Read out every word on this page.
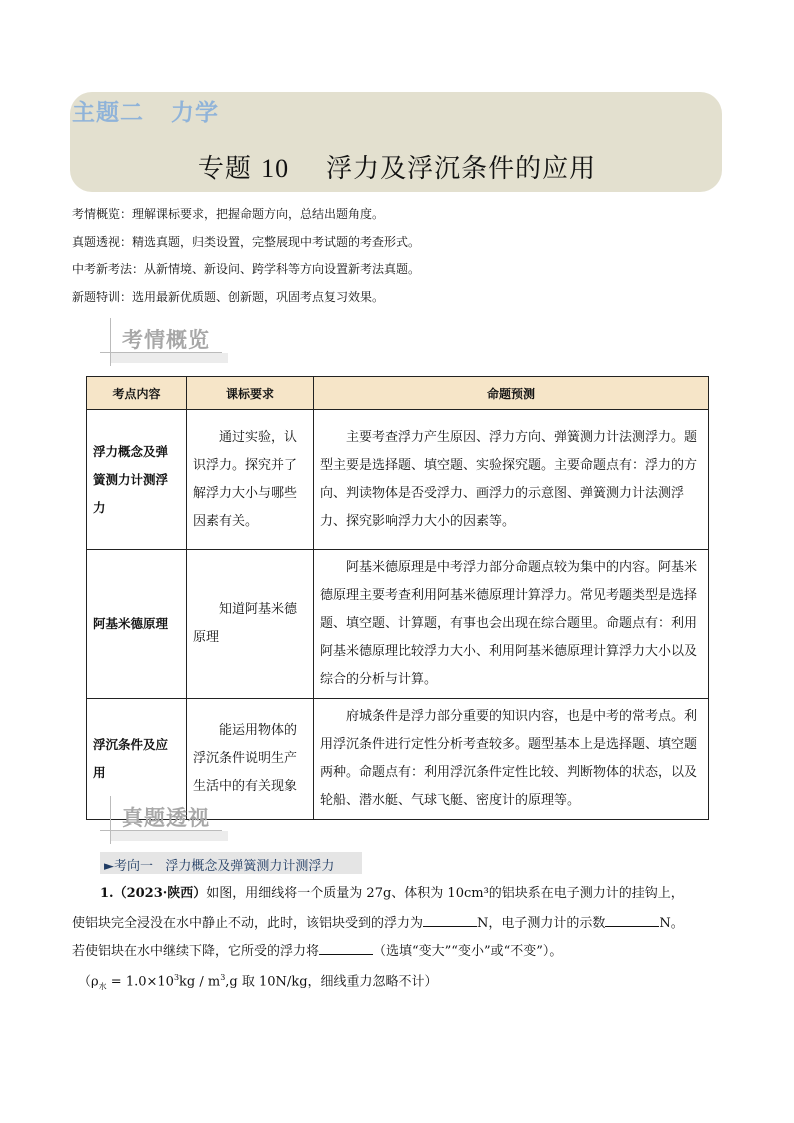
主题二   力学
专题 10 浮力及浮沉条件的应用
考情概览：理解课标要求，把握命题方向，总结出题角度。
真题透视：精选真题，归类设置，完整展现中考试题的考查形式。
中考新考法：从新情境、新设问、跨学科等方向设置新考法真题。
新题特训：选用最新优质题、创新题，巩固考点复习效果。
考情概览
考点内容	课标要求	命题预测
浮力概念及弹簧测力计测浮力	通过实验，认识浮力。探究并了解浮力大小与哪些因素有关。	主要考查浮力产生原因、浮力方向、弹簧测力计法测浮力。题型主要是选择题、填空题、实验探究题。主要命题点有：浮力的方向、判读物体是否受浮力、画浮力的示意图、弹簧测力计法测浮力、探究影响浮力大小的因素等。
阿基米德原理	知道阿基米德原理	阿基米德原理是中考浮力部分命题点较为集中的内容。阿基米德原理主要考查利用阿基米德原理计算浮力。常见考题类型是选择题、填空题、计算题，有事也会出现在综合题里。命题点有：利用阿基米德原理比较浮力大小、利用阿基米德原理计算浮力大小以及综合的分析与计算。
浮沉条件及应用	能运用物体的浮沉条件说明生产生活中的有关现象	府城条件是浮力部分重要的知识内容，也是中考的常考点。利用浮沉条件进行定性分析考查较多。题型基本上是选择题、填空题两种。命题点有：利用浮沉条件定性比较、判断物体的状态，以及轮船、潜水艇、气球飞艇、密度计的原理等。
真题透视
►考向一   浮力概念及弹簧测力计测浮力
1.（2023·陕西）如图，用细线将一个质量为 27g、体积为 10cm³的铝块系在电子测力计的挂钩上，
使铝块完全浸没在水中静止不动，此时，该铝块受到的浮力为	N，电子测力计的示数	N。
若使铝块在水中继续下降，它所受的浮力将	（选填“变大”“变小”或“不变”）。
（$\rho_水 = 1.0\times 10^3kg / m^3,g$ 取 10N/kg，细线重力忽略不计）
